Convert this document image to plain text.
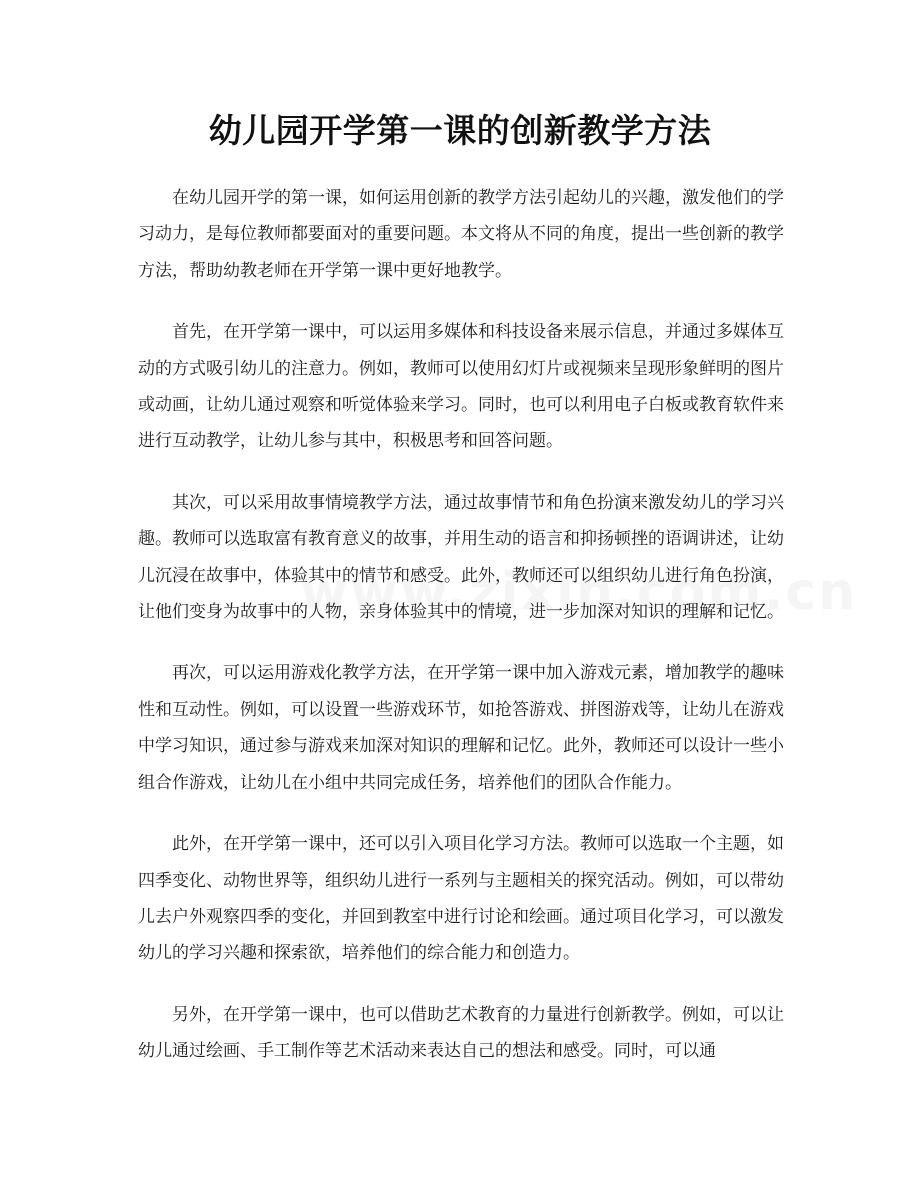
幼儿园开学第一课的创新教学方法

在幼儿园开学的第一课，如何运用创新的教学方法引起幼儿的兴趣，激发他们的学习动力，是每位教师都要面对的重要问题。本文将从不同的角度，提出一些创新的教学方法，帮助幼教老师在开学第一课中更好地教学。

首先，在开学第一课中，可以运用多媒体和科技设备来展示信息，并通过多媒体互动的方式吸引幼儿的注意力。例如，教师可以使用幻灯片或视频来呈现形象鲜明的图片或动画，让幼儿通过观察和听觉体验来学习。同时，也可以利用电子白板或教育软件来进行互动教学，让幼儿参与其中，积极思考和回答问题。

其次，可以采用故事情境教学方法，通过故事情节和角色扮演来激发幼儿的学习兴趣。教师可以选取富有教育意义的故事，并用生动的语言和抑扬顿挫的语调讲述，让幼儿沉浸在故事中，体验其中的情节和感受。此外，教师还可以组织幼儿进行角色扮演，让他们变身为故事中的人物，亲身体验其中的情境，进一步加深对知识的理解和记忆。

再次，可以运用游戏化教学方法，在开学第一课中加入游戏元素，增加教学的趣味性和互动性。例如，可以设置一些游戏环节，如抢答游戏、拼图游戏等，让幼儿在游戏中学习知识，通过参与游戏来加深对知识的理解和记忆。此外，教师还可以设计一些小组合作游戏，让幼儿在小组中共同完成任务，培养他们的团队合作能力。

此外，在开学第一课中，还可以引入项目化学习方法。教师可以选取一个主题，如四季变化、动物世界等，组织幼儿进行一系列与主题相关的探究活动。例如，可以带幼儿去户外观察四季的变化，并回到教室中进行讨论和绘画。通过项目化学习，可以激发幼儿的学习兴趣和探索欲，培养他们的综合能力和创造力。

另外，在开学第一课中，也可以借助艺术教育的力量进行创新教学。例如，可以让幼儿通过绘画、手工制作等艺术活动来表达自己的想法和感受。同时，可以通
